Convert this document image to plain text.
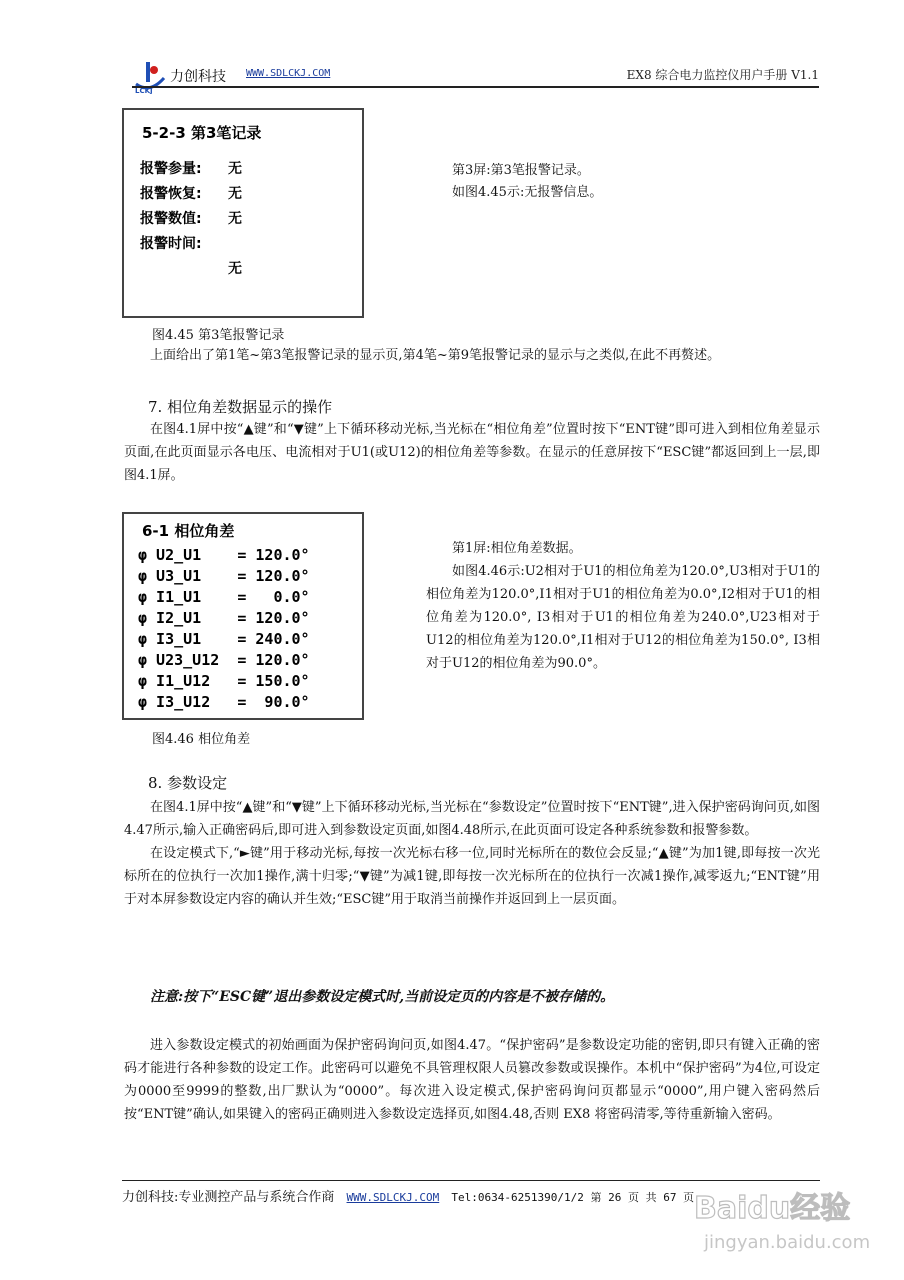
LCKJ
力创科技 WWW.SDLCKJ.COM	EX8 综合电力监控仪用户手册 V1.1
5-2-3 第3笔记录
报警参量: 无
报警恢复: 无
报警数值: 无
报警时间:
无
第3屏:第3笔报警记录。
如图4.45示:无报警信息。
图4.45 第3笔报警记录

上面给出了第1笔~第3笔报警记录的显示页,第4笔~第9笔报警记录的显示与之类似,在此不再赘述。

7. 相位角差数据显示的操作

在图4.1屏中按“▲键”和“▼键”上下循环移动光标,当光标在“相位角差”位置时按下“ENT键”即可进入到相位角差显示页面,在此页面显示各电压、电流相对于U1(或U12)的相位角差等参数。在显示的任意屏按下“ESC键”都返回到上一层,即图4.1屏。

6-1 相位角差
φ U2_U1    = 120.0°
φ U3_U1    = 120.0°
φ I1_U1    =   0.0°
φ I2_U1    = 120.0°
φ I3_U1    = 240.0°
φ U23_U12  = 120.0°
φ I1_U12   = 150.0°
φ I3_U12   =  90.0°
第1屏:相位角差数据。
如图4.46示:U2相对于U1的相位角差为120.0°,U3相对于U1的相位角差为120.0°,I1相对于U1的相位角差为0.0°,I2相对于U1的相位角差为120.0°, I3相对于U1的相位角差为240.0°,U23相对于U12的相位角差为120.0°,I1相对于U12的相位角差为150.0°, I3相对于U12的相位角差为90.0°。
图4.46 相位角差
8. 参数设定

在图4.1屏中按“▲键”和“▼键”上下循环移动光标,当光标在“参数设定”位置时按下“ENT键”,进入保护密码询问页,如图4.47所示,输入正确密码后,即可进入到参数设定页面,如图4.48所示,在此页面可设定各种系统参数和报警参数。

在设定模式下,“►键”用于移动光标,每按一次光标右移一位,同时光标所在的数位会反显;“▲键”为加1键,即每按一次光标所在的位执行一次加1操作,满十归零;“▼键”为减1键,即每按一次光标所在的位执行一次减1操作,减零返九;“ENT键”用于对本屏参数设定内容的确认并生效;“ESC键”用于取消当前操作并返回到上一层页面。

注意:按下“ESC键”退出参数设定模式时,当前设定页的内容是不被存储的。

进入参数设定模式的初始画面为保护密码询问页,如图4.47。“保护密码”是参数设定功能的密钥,即只有键入正确的密码才能进行各种参数的设定工作。此密码可以避免不具管理权限人员篡改参数或误操作。本机中“保护密码”为4位,可设定为0000至9999的整数,出厂默认为“0000”。每次进入设定模式,保护密码询问页都显示“0000”,用户键入密码然后按“ENT键”确认,如果键入的密码正确则进入参数设定选择页,如图4.48,否则 EX8 将密码清零,等待重新输入密码。

力创科技:专业测控产品与系统合作商 WWW.SDLCKJ.COM Tel:0634-6251390/1/2 第 26 页 共 67 页 Baidu经验
jingyan.baidu.com
